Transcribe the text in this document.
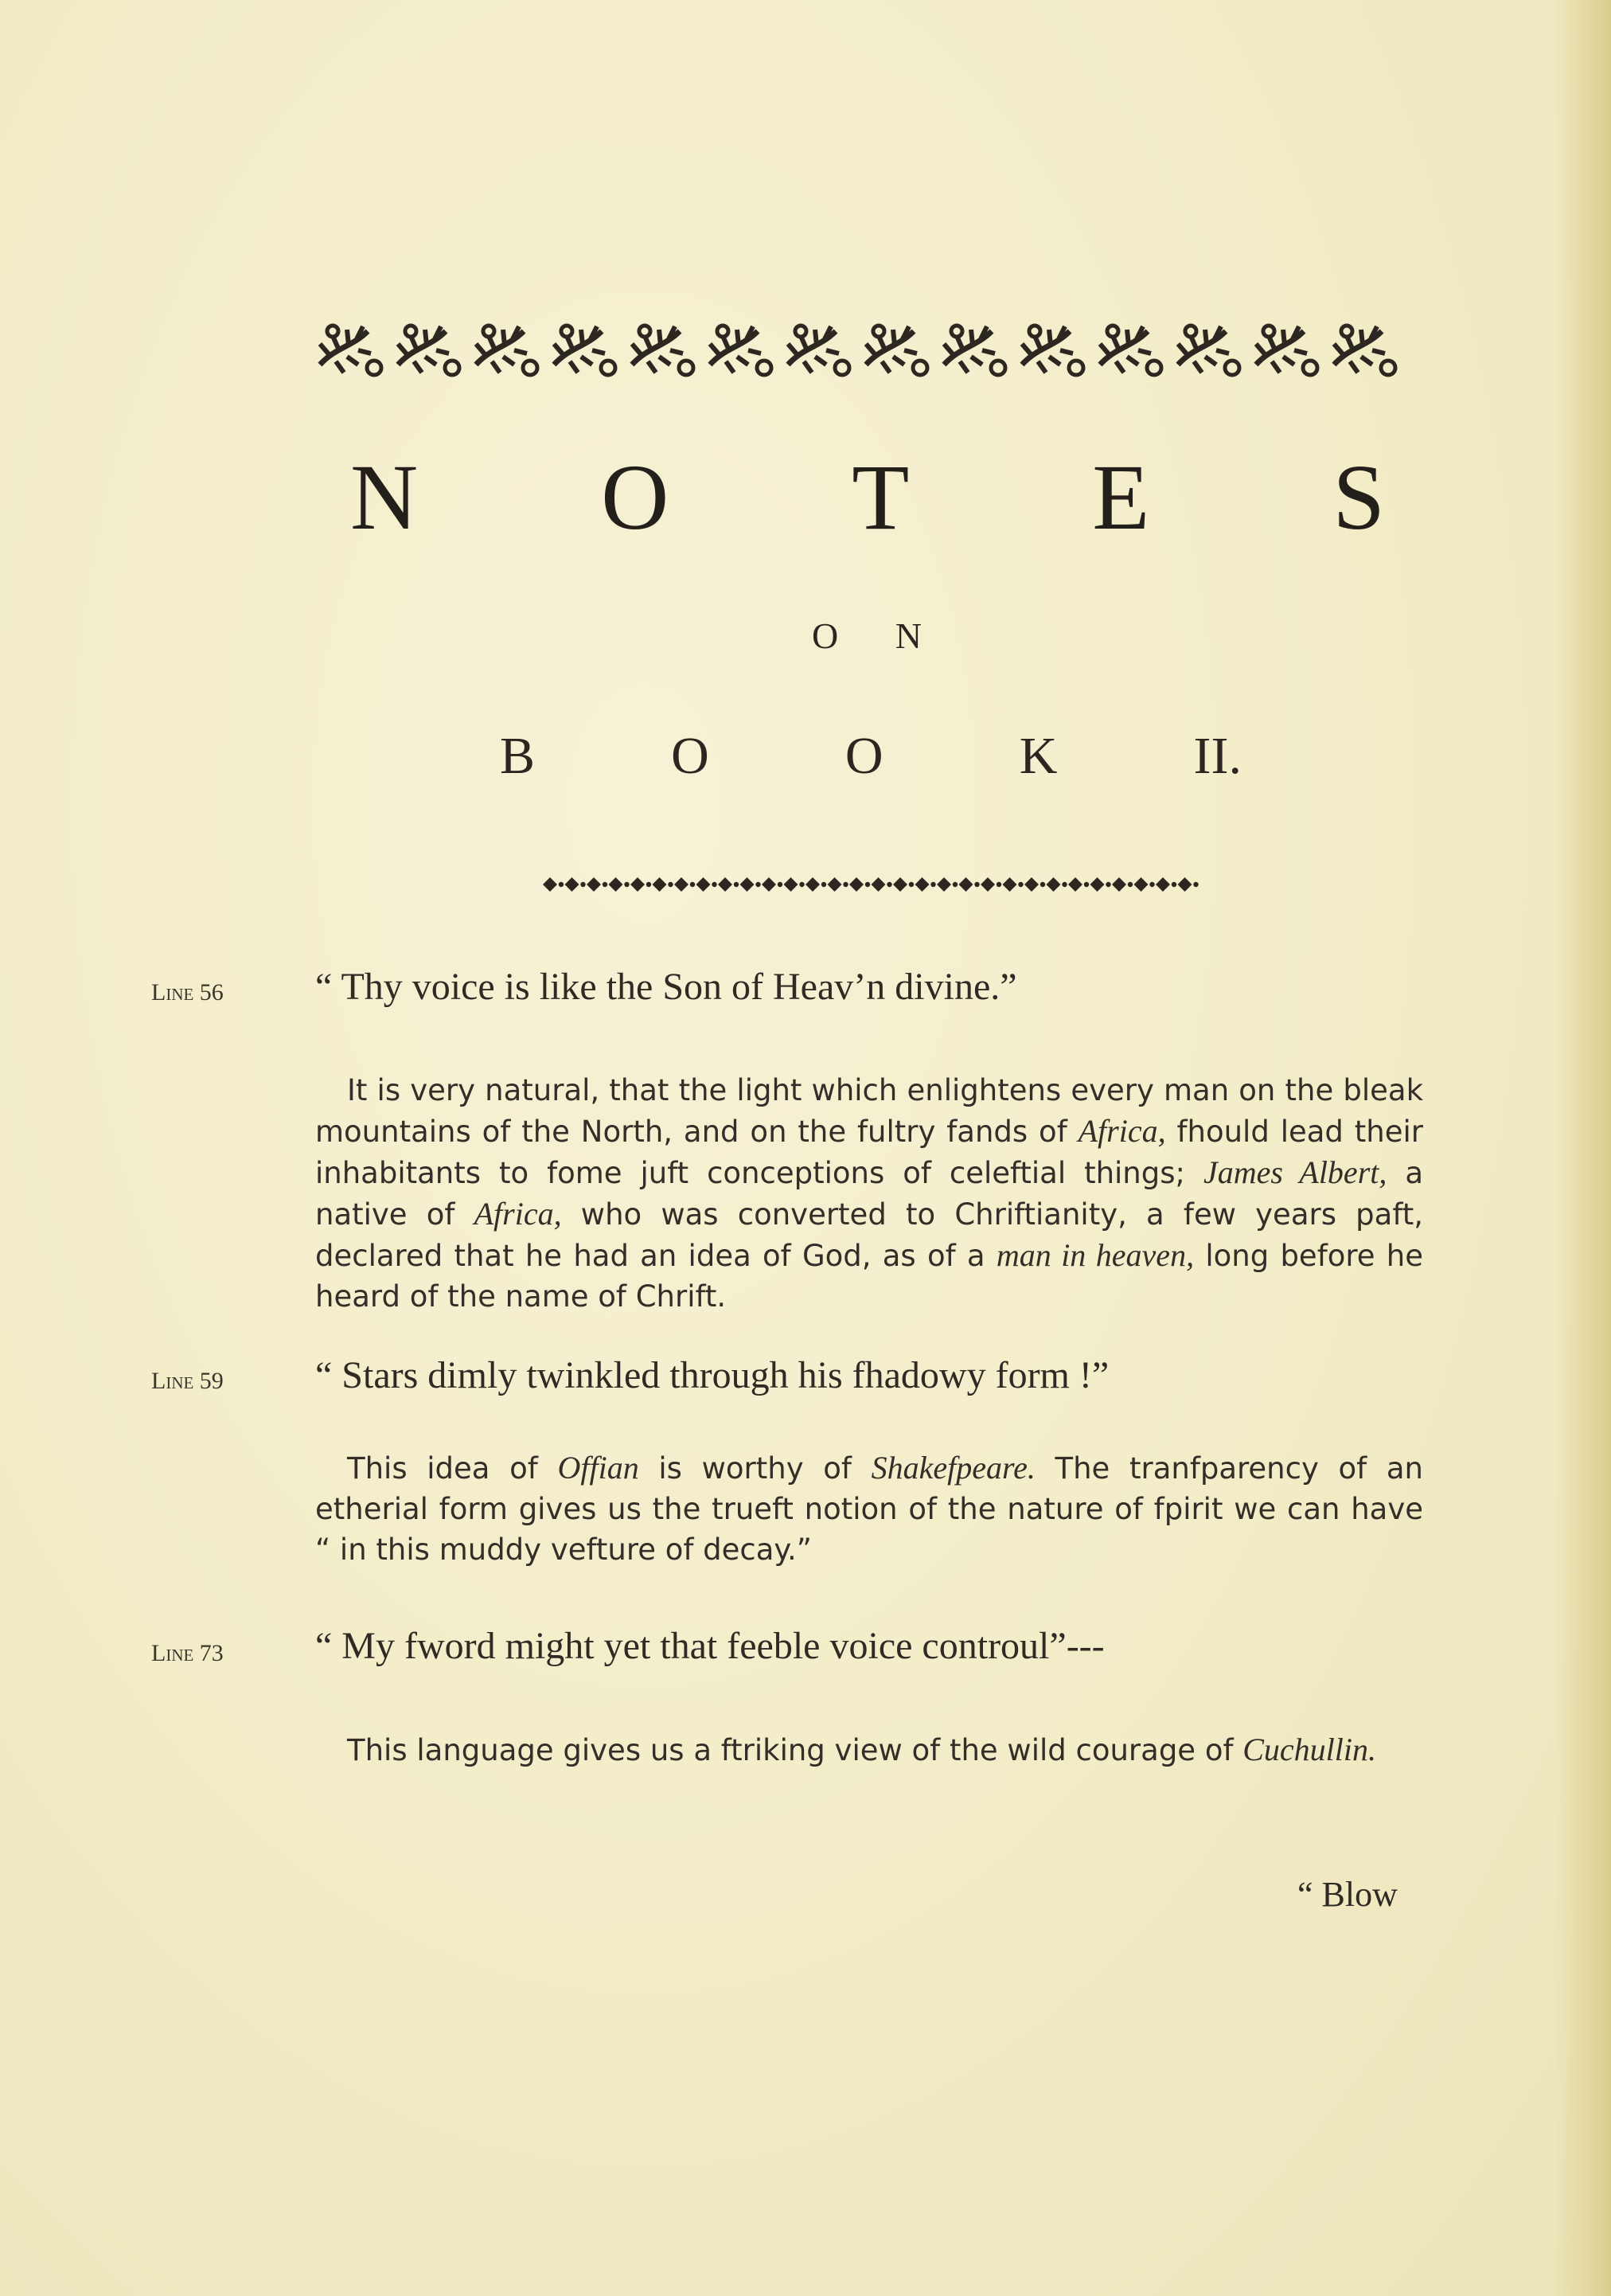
N O T E S
O N
B	O	O	K	II.
Line 56 “ Thy voice is like the Son of Heav’n divine.”
It is very natural, that the light which enlightens every man on the bleak mountains of the North, and on the fultry fands of Africa, fhould lead their inhabitants to fome juft conceptions of celeftial things; James Albert, a native of Africa, who was converted to Chriftianity, a few years paft, declared that he had an idea of God, as of a man in heaven, long before he heard of the name of Chrift.
Line 59 “ Stars dimly twinkled through his fhadowy form !”
This idea of Offian is worthy of Shakefpeare. The tranfparency of an etherial form gives us the trueft notion of the nature of fpirit we can have “ in this muddy vefture of decay.”
Line 73 “ My fword might yet that feeble voice controul”---
This language gives us a ftriking view of the wild courage of Cuchullin.
“ Blow
